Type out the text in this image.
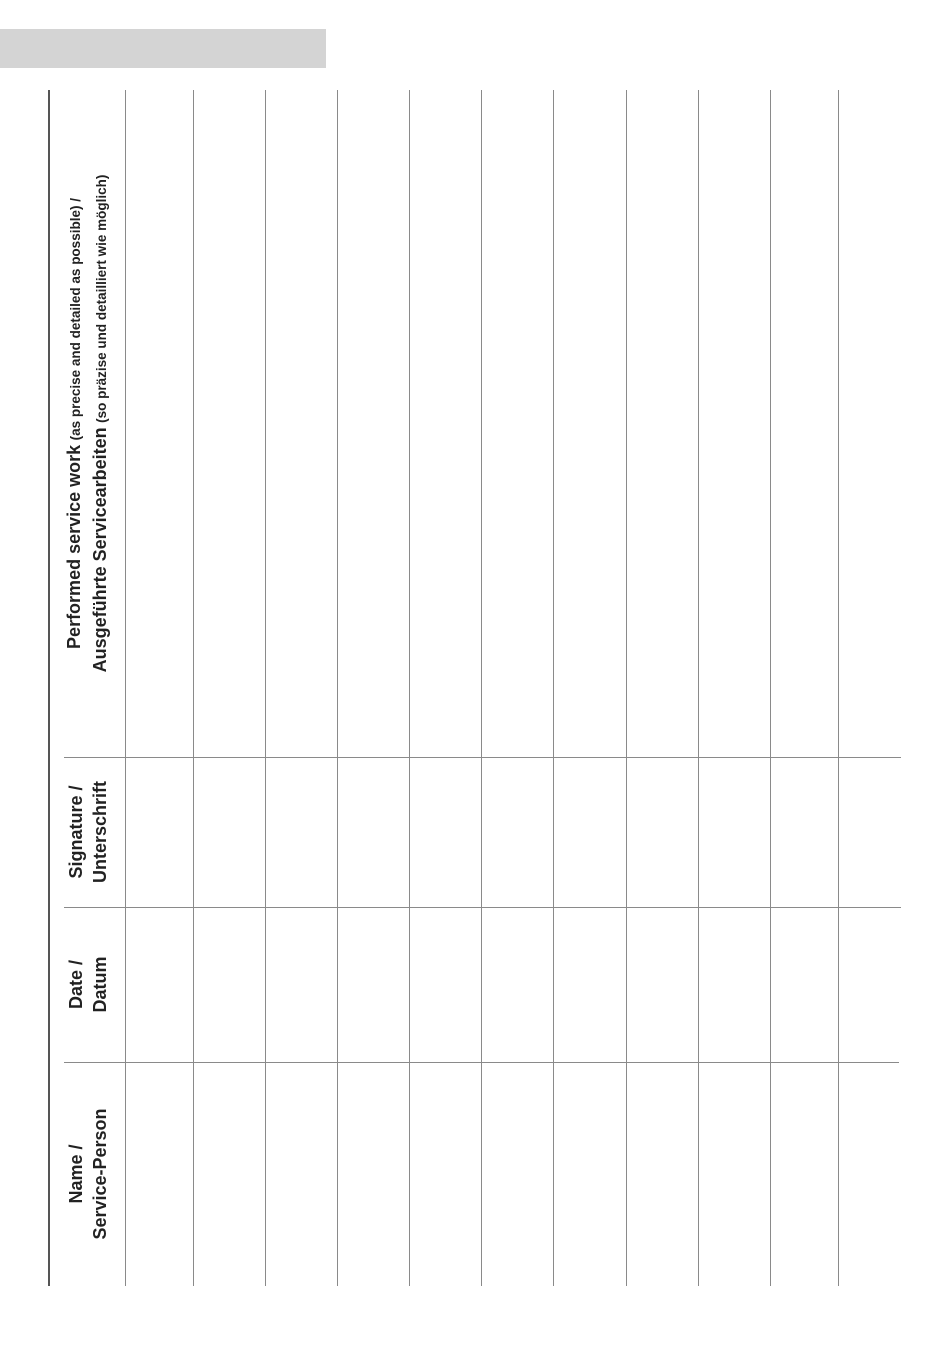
Name / Service-Person
Date / Datum
Signature / Unterschrift
Performed service work (as precise and detailed as possible) /
Ausgeführte Servicearbeiten (so präzise und detailliert wie möglich)
